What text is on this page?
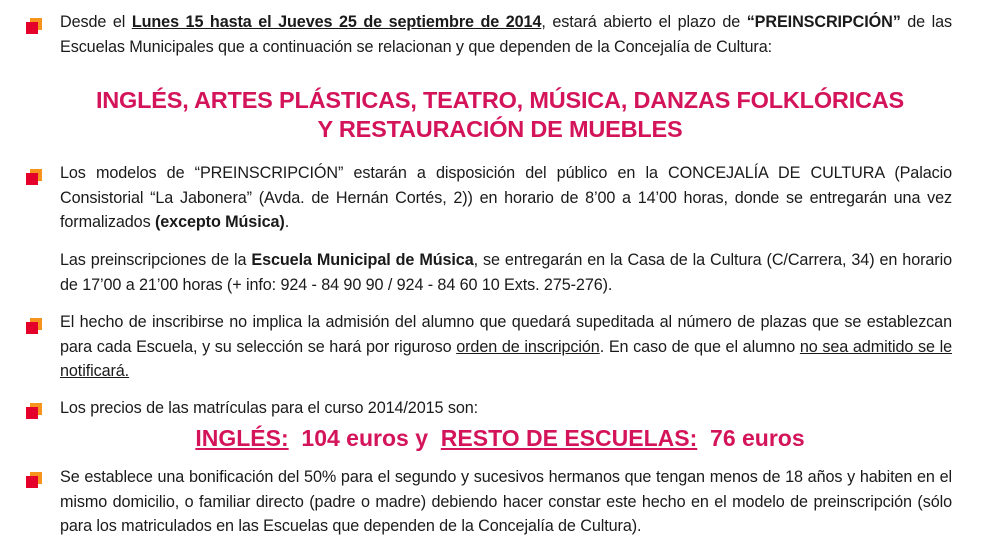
Desde el Lunes 15 hasta el Jueves 25 de septiembre de 2014, estará abierto el plazo de “PREINSCRIPCIÓN” de las Escuelas Municipales que a continuación se relacionan y que dependen de la Concejalía de Cultura:
INGLÉS, ARTES PLÁSTICAS, TEATRO, MÚSICA, DANZAS FOLKLÓRICAS
Y RESTAURACIÓN DE MUEBLES
Los modelos de “PREINSCRIPCIÓN” estarán a disposición del público en la CONCEJALÍA DE CULTURA (Palacio Consistorial “La Jabonera” (Avda. de Hernán Cortés, 2)) en horario de 8’00 a 14’00 horas, donde se entregarán una vez formalizados (excepto Música).
Las preinscripciones de la Escuela Municipal de Música, se entregarán en la Casa de la Cultura (C/Carrera, 34) en horario de 17’00 a 21’00 horas (+ info: 924 - 84 90 90 / 924 - 84 60 10 Exts. 275-276).
El hecho de inscribirse no implica la admisión del alumno que quedará supeditada al número de plazas que se establezcan para cada Escuela, y su selección se hará por riguroso orden de inscripción. En caso de que el alumno no sea admitido se le notificará.
Los precios de las matrículas para el curso 2014/2015 son:
INGLÉS: 104 euros y RESTO DE ESCUELAS: 76 euros
Se establece una bonificación del 50% para el segundo y sucesivos hermanos que tengan menos de 18 años y habiten en el mismo domicilio, o familiar directo (padre o madre) debiendo hacer constar este hecho en el modelo de preinscripción (sólo para los matriculados en las Escuelas que dependen de la Concejalía de Cultura).
